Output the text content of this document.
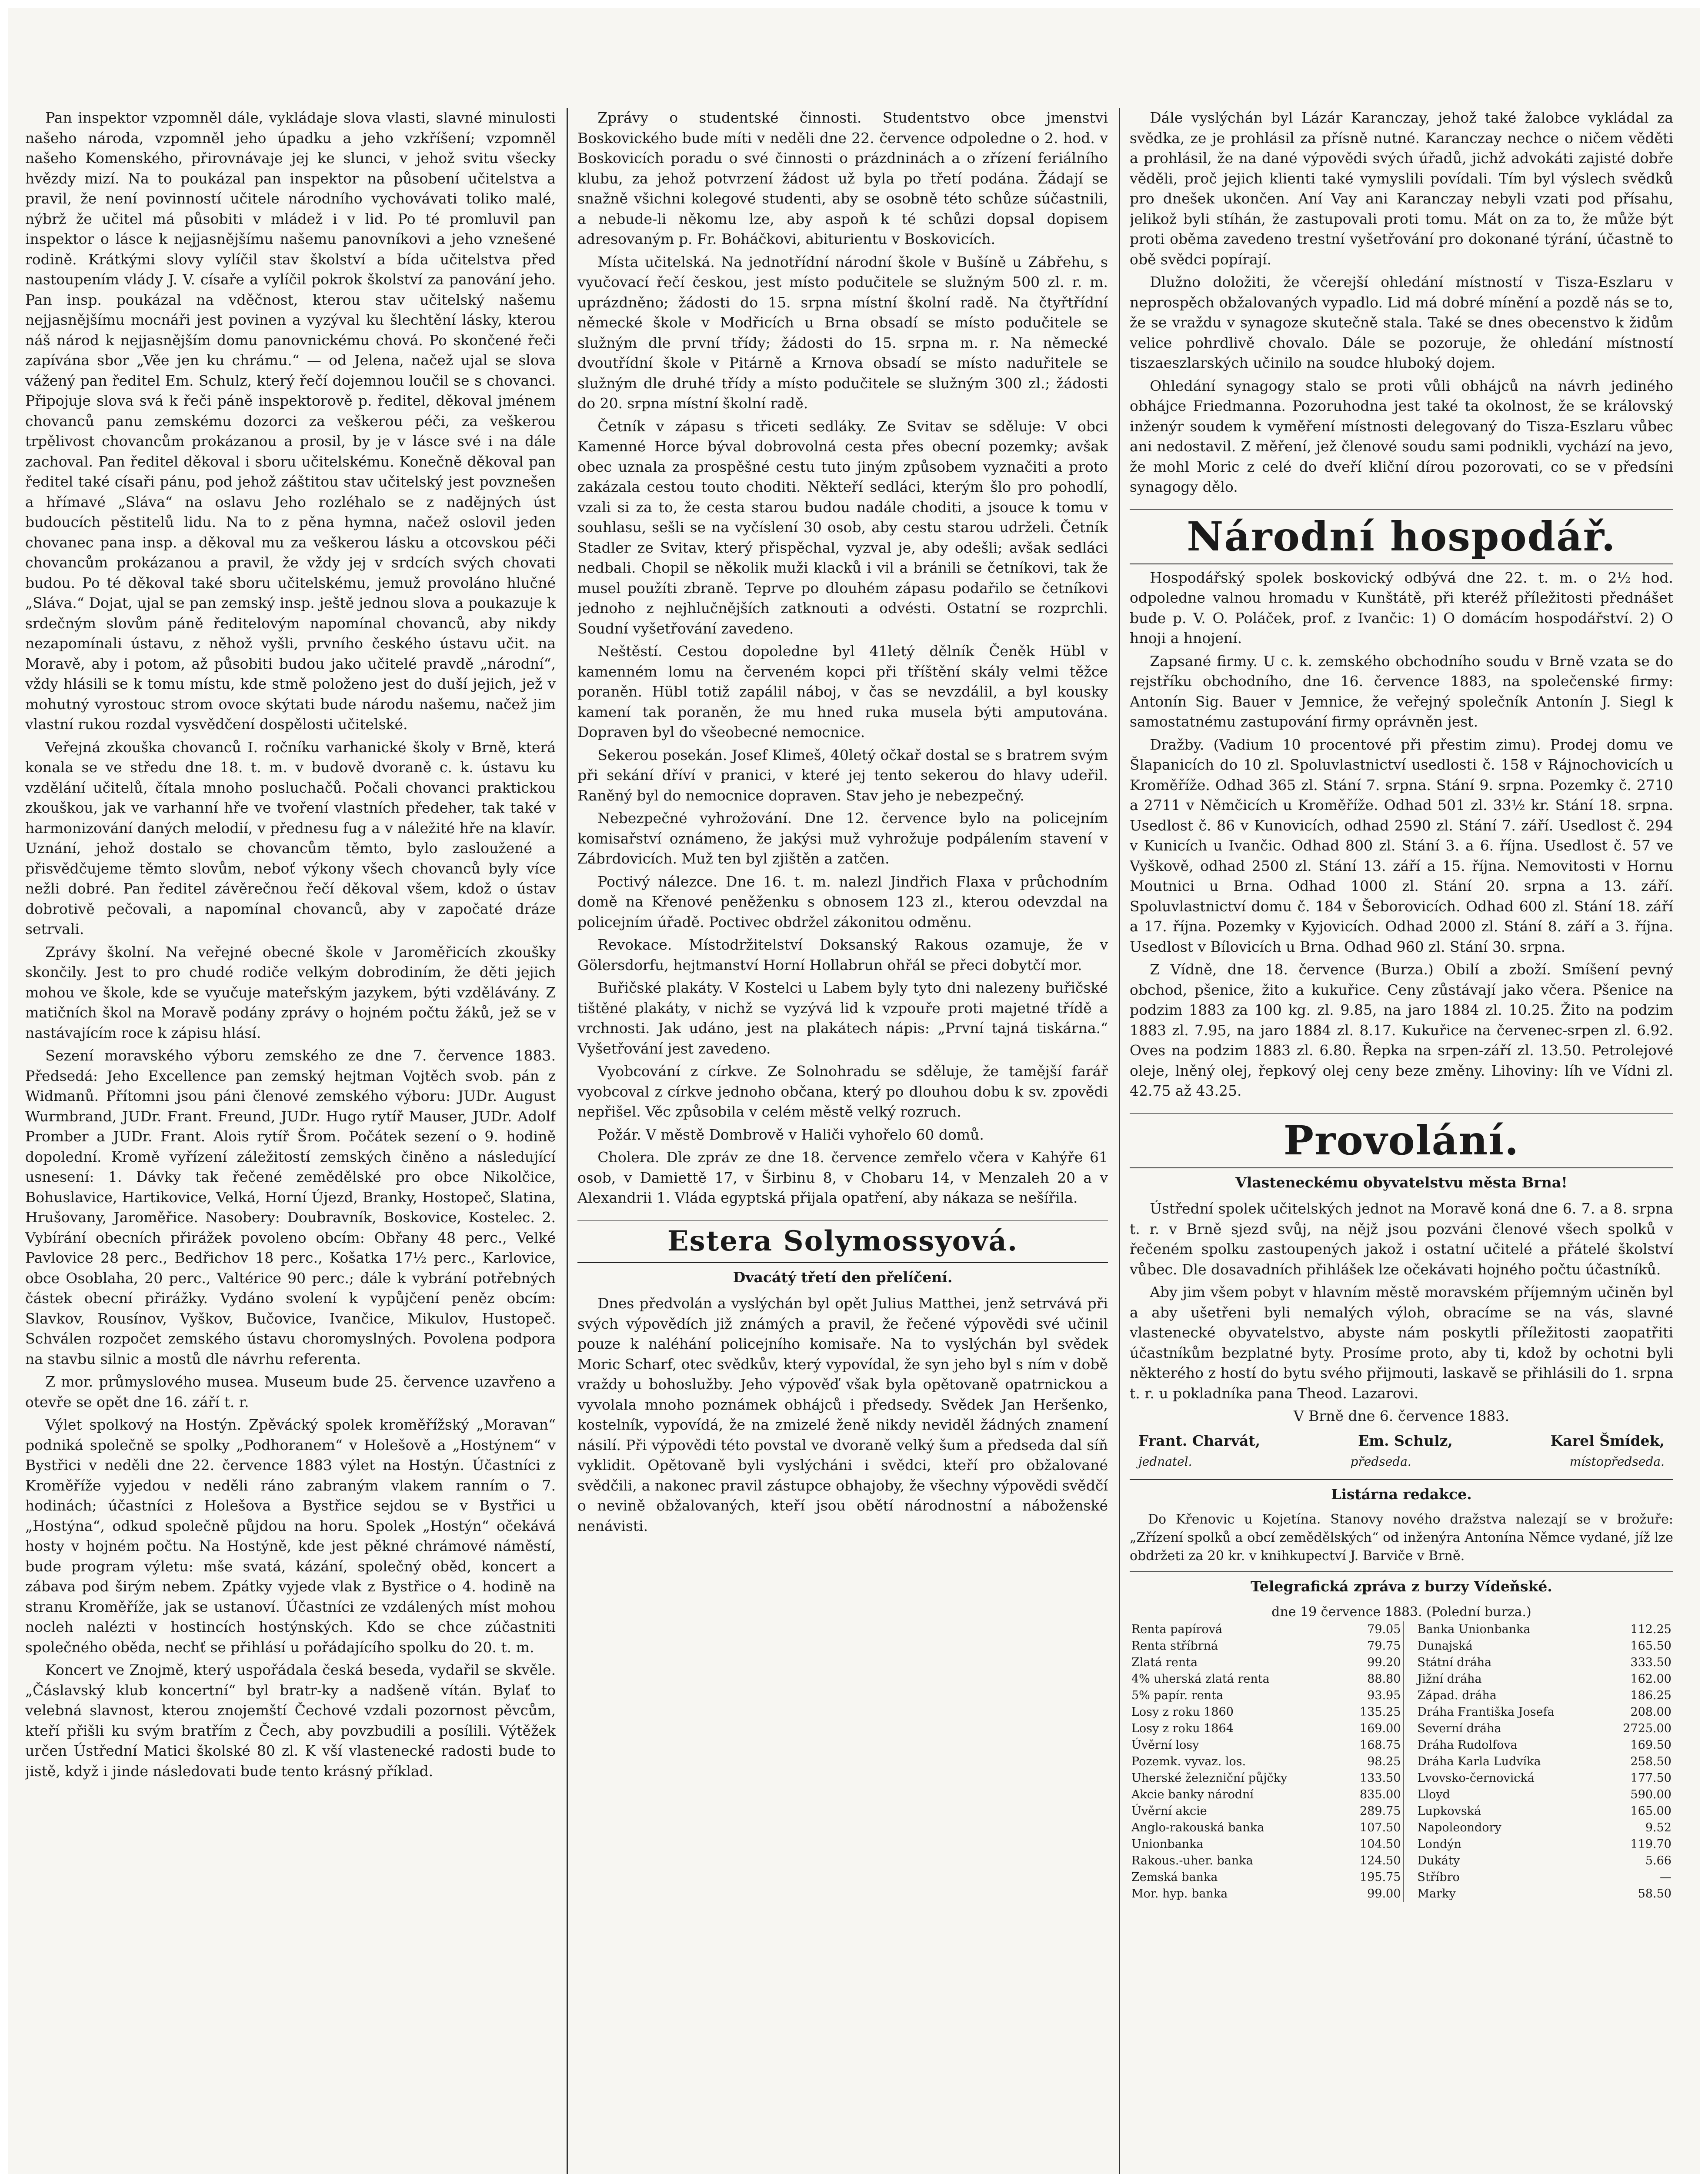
Pan inspektor vzpomněl dále, vykládaje slova vlasti, slavné minulosti našeho národa, vzpomněl jeho úpadku a jeho vzkříšení; vzpomněl našeho Komenského, přirovnávaje jej ke slunci, v jehož svitu všecky hvězdy mizí. Na to poukázal pan inspektor na působení učitelstva a pravil, že není povinností učitele národního vychovávati toliko malé, nýbrž že učitel má působiti v mládež i v lid. Po té promluvil pan inspektor o lásce k nejjasnějšímu našemu panovníkovi a jeho vznešené rodině. Krátkými slovy vylíčil stav školství a bída učitelstva před nastoupením vlády J. V. císaře a vylíčil pokrok školství za panování jeho. Pan insp. poukázal na vděčnost, kterou stav učitelský našemu nejjasnějšímu mocnáři jest povinen a vyzýval ku šlechtění lásky, kterou náš národ k nejjasnějším domu panovnickému chová. Po skončené řeči zapívána sbor „Věe jen ku chrámu.“ — od Jelena, načež ujal se slova vážený pan ředitel Em. Schulz, který řečí dojemnou loučil se s chovanci. Připojuje slova svá k řeči páně inspektorově p. ředitel, děkoval jménem chovanců panu zemskému dozorci za veškerou péči, za veškerou trpělivost chovancům prokázanou a prosil, by je v lásce své i na dále zachoval. Pan ředitel děkoval i sboru učitelskému. Konečně děkoval pan ředitel také císaři pánu, pod jehož záštitou stav učitelský jest povznešen a hřímavé „Sláva“ na oslavu Jeho rozléhalo se z nadějných úst budoucích pěstitelů lidu. Na to z pěna hymna, načež oslovil jeden chovanec pana insp. a děkoval mu za veškerou lásku a otcovskou péči chovancům prokázanou a pravil, že vždy jej v srdcích svých chovati budou. Po té děkoval také sboru učitelskému, jemuž provoláno hlučné „Sláva.“ Dojat, ujal se pan zemský insp. ještě jednou slova a poukazuje k srdečným slovům páně ředitelovým napomínal chovanců, aby nikdy nezapomínali ústavu, z něhož vyšli, prvního českého ústavu učit. na Moravě, aby i potom, až působiti budou jako učitelé pravdě „národní“, vždy hlásili se k tomu místu, kde stmě položeno jest do duší jejich, jež v mohutný vyrostouc strom ovoce skýtati bude národu našemu, načež jim vlastní rukou rozdal vysvědčení dospělosti učitelské.

Veřejná zkouška chovanců I. ročníku varhanické školy v Brně, která konala se ve středu dne 18. t. m. v budově dvoraně c. k. ústavu ku vzdělání učitelů, čítala mnoho posluchačů. Počali chovanci praktickou zkouškou, jak ve varhanní hře ve tvoření vlastních předeher, tak také v harmonizování daných melodií, v přednesu fug a v náležité hře na klavír. Uznání, jehož dostalo se chovancům těmto, bylo zasloužené a přisvědčujeme těmto slovům, neboť výkony všech chovanců byly více nežli dobré. Pan ředitel závěrečnou řečí děkoval všem, kdož o ústav dobrotivě pečovali, a napomínal chovanců, aby v započaté dráze setrvali.

Zprávy školní. Na veřejné obecné škole v Jaroměřicích zkoušky skončily. Jest to pro chudé rodiče velkým dobrodiním, že děti jejich mohou ve škole, kde se vyučuje mateřským jazykem, býti vzdělávány. Z matičních škol na Moravě podány zprávy o hojném počtu žáků, jež se v nastávajícím roce k zápisu hlásí.

Sezení moravského výboru zemského ze dne 7. července 1883. Předsedá: Jeho Excellence pan zemský hejtman Vojtěch svob. pán z Widmanů. Přítomni jsou páni členové zemského výboru: JUDr. August Wurmbrand, JUDr. Frant. Freund, JUDr. Hugo rytíř Mauser, JUDr. Adolf Promber a JUDr. Frant. Alois rytíř Šrom. Počátek sezení o 9. hodině dopolední. Kromě vyřízení záležitostí zemských činěno a následující usnesení: 1. Dávky tak řečené zemědělské pro obce Nikolčice, Bohuslavice, Hartikovice, Velká, Horní Újezd, Branky, Hostopeč, Slatina, Hrušovany, Jaroměřice. Nasobery: Doubravník, Boskovice, Kostelec. 2. Vybírání obecních přirážek povoleno obcím: Obřany 48 perc., Velké Pavlovice 28 perc., Bedřichov 18 perc., Košatka 17½ perc., Karlovice, obce Osoblaha, 20 perc., Valtérice 90 perc.; dále k vybrání potřebných částek obecní přirážky. Vydáno svolení k vypůjčení peněz obcím: Slavkov, Rousínov, Vyškov, Bučovice, Ivančice, Mikulov, Hustopeč. Schválen rozpočet zemského ústavu choromyslných. Povolena podpora na stavbu silnic a mostů dle návrhu referenta.

Z mor. průmyslového musea. Museum bude 25. července uzavřeno a otevře se opět dne 16. září t. r.

Výlet spolkový na Hostýn. Zpěvácký spolek kroměřížský „Moravan“ podniká společně se spolky „Podhoranem“ v Holešově a „Hostýnem“ v Bystřici v neděli dne 22. července 1883 výlet na Hostýn. Účastníci z Kroměříže vyjedou v neděli ráno zabraným vlakem ranním o 7. hodinách; účastníci z Holešova a Bystřice sejdou se v Bystřici u „Hostýna“, odkud společně půjdou na horu. Spolek „Hostýn“ očekává hosty v hojném počtu. Na Hostýně, kde jest pěkné chrámové náměstí, bude program výletu: mše svatá, kázání, společný oběd, koncert a zábava pod širým nebem. Zpátky vyjede vlak z Bystřice o 4. hodině na stranu Kroměříže, jak se ustanoví. Účastníci ze vzdálených míst mohou nocleh nalézti v hostincích hostýnských. Kdo se chce zúčastniti společného oběda, nechť se přihlásí u pořádajícího spolku do 20. t. m.

Koncert ve Znojmě, který uspořádala česká beseda, vydařil se skvěle. „Čáslavský klub koncertní“ byl bratr-ky a nadšeně vítán. Bylať to velebná slavnost, kterou znojemští Čechové vzdali pozornost pěvcům, kteří přišli ku svým bratřím z Čech, aby povzbudili a posílili. Výtěžek určen Ústřední Matici školské 80 zl. K vší vlastenecké radosti bude to jistě, když i jinde následovati bude tento krásný příklad.

Zprávy o studentské činnosti. Studentstvo obce jmenstvi Boskovického bude míti v neděli dne 22. července odpoledne o 2. hod. v Boskovicích poradu o své činnosti o prázdninách a o zřízení feriálního klubu, za jehož potvrzení žádost už byla po třetí podána. Žádají se snažně všichni kolegové studenti, aby se osobně této schůze súčastnili, a nebude-li někomu lze, aby aspoň k té schůzi dopsal dopisem adresovaným p. Fr. Boháčkovi, abiturientu v Boskovicích.

Místa učitelská. Na jednotřídní národní škole v Bušíně u Zábřehu, s vyučovací řečí českou, jest místo podučitele se služným 500 zl. r. m. uprázdněno; žádosti do 15. srpna místní školní radě. Na čtyřtřídní německé škole v Modřicích u Brna obsadí se místo podučitele se služným dle první třídy; žádosti do 15. srpna m. r. Na německé dvoutřídní škole v Pitárně a Krnova obsadí se místo naduřitele se služným dle druhé třídy a místo podučitele se služným 300 zl.; žádosti do 20. srpna místní školní radě.

Četník v zápasu s třiceti sedláky. Ze Svitav se sděluje: V obci Kamenné Horce býval dobrovolná cesta přes obecní pozemky; avšak obec uznala za prospěšné cestu tuto jiným způsobem vyznačiti a proto zakázala cestou touto choditi. Někteří sedláci, kterým šlo pro pohodlí, vzali si za to, že cesta starou budou nadále choditi, a jsouce k tomu v souhlasu, sešli se na vyčíslení 30 osob, aby cestu starou udrželi. Četník Stadler ze Svitav, který přispěchal, vyzval je, aby odešli; avšak sedláci nedbali. Chopil se několik muži klacků i vil a bránili se četníkovi, tak že musel použíti zbraně. Teprve po dlouhém zápasu podařilo se četníkovi jednoho z nejhlučnějších zatknouti a odvésti. Ostatní se rozprchli. Soudní vyšetřování zavedeno.

Neštěstí. Cestou dopoledne byl 41letý dělník Čeněk Hübl v kamenném lomu na červeném kopci při tříštění skály velmi těžce poraněn. Hübl totiž zapálil náboj, v čas se nevzdálil, a byl kousky kamení tak poraněn, že mu hned ruka musela býti amputována. Dopraven byl do všeobecné nemocnice.

Sekerou posekán. Josef Klimeš, 40letý očkař dostal se s bratrem svým při sekání dříví v pranici, v které jej tento sekerou do hlavy udeřil. Raněný byl do nemocnice dopraven. Stav jeho je nebezpečný.

Nebezpečné vyhrožování. Dne 12. července bylo na policejním komisařství oznámeno, že jakýsi muž vyhrožuje podpálením stavení v Zábrdovicích. Muž ten byl zjištěn a zatčen.

Poctivý nálezce. Dne 16. t. m. nalezl Jindřich Flaxa v průchodním domě na Křenové peněženku s obnosem 123 zl., kterou odevzdal na policejním úřadě. Poctivec obdržel zákonitou odměnu.

Revokace. Místodržitelství Doksanský Rakous ozamuje, že v Gölersdorfu, hejtmanství Horní Hollabrun ohřál se přeci dobytčí mor.

Buřičské plakáty. V Kostelci u Labem byly tyto dni nalezeny buřičské tištěné plakáty, v nichž se vyzývá lid k vzpouře proti majetné třídě a vrchnosti. Jak udáno, jest na plakátech nápis: „První tajná tiskárna.“ Vyšetřování jest zavedeno.

Vyobcování z církve. Ze Solnohradu se sděluje, že tamější farář vyobcoval z církve jednoho občana, který po dlouhou dobu k sv. zpovědi nepřišel. Věc způsobila v celém městě velký rozruch.

Požár. V městě Dombrově v Haliči vyhořelo 60 domů.

Cholera. Dle zpráv ze dne 18. července zemřelo včera v Kahýře 61 osob, v Damiettě 17, v Širbinu 8, v Chobaru 14, v Menzaleh 20 a v Alexandrii 1. Vláda egyptská přijala opatření, aby nákaza se nešířila.

Estera Solymossyová.
Dvacátý třetí den přelíčení.

Dnes předvolán a vyslýchán byl opět Julius Matthei, jenž setrvává při svých výpovědích již známých a pravil, že řečené výpovědi své učinil pouze k naléhání policejního komisaře. Na to vyslýchán byl svědek Moric Scharf, otec svědkův, který vypovídal, že syn jeho byl s ním v době vraždy u bohoslužby. Jeho výpověď však byla opětovaně opatrnickou a vyvolala mnoho poznámek obhájců i předsedy. Svědek Jan Heršenko, kostelník, vypovídá, že na zmizelé ženě nikdy neviděl žádných znamení násilí. Při výpovědi této povstal ve dvoraně velký šum a předseda dal síň vyklidit. Opětovaně byli vyslýcháni i svědci, kteří pro obžalované svědčili, a nakonec pravil zástupce obhajoby, že všechny výpovědi svědčí o nevině obžalovaných, kteří jsou obětí národnostní a náboženské nenávisti.

Dále vyslýchán byl Lázár Karanczay, jehož také žalobce vykládal za svědka, ze je prohlásil za přísně nutné. Karanczay nechce o ničem věděti a prohlásil, že na dané výpovědi svých úřadů, jichž advokáti zajisté dobře věděli, proč jejich klienti také vymyslili povídali. Tím byl výslech svědků pro dnešek ukončen. Aní Vay ani Karanczay nebyli vzati pod přísahu, jelikož byli stíhán, že zastupovali proti tomu. Mát on za to, že může být proti oběma zavedeno trestní vyšetřování pro dokonané týrání, účastně to obě svědci popírají.

Dlužno doložiti, že včerejší ohledání místností v Tisza-Eszlaru v neprospěch obžalovaných vypadlo. Lid má dobré mínění a pozdě nás se to, že se vraždu v synagoze skutečně stala. Také se dnes obecenstvo k židům velice pohrdlivě chovalo. Dále se pozoruje, že ohledání místností tiszaeszlarských učinilo na soudce hluboký dojem.

Ohledání synagogy stalo se proti vůli obhájců na návrh jediného obhájce Friedmanna. Pozoruhodna jest také ta okolnost, že se královský inženýr soudem k vyměření místnosti delegovaný do Tisza-Eszlaru vůbec ani nedostavil. Z měření, jež členové soudu sami podnikli, vychází na jevo, že mohl Moric z celé do dveří kliční dírou pozorovati, co se v předsíni synagogy dělo.

Národní hospodář.

Hospodářský spolek boskovický odbývá dne 22. t. m. o 2½ hod. odpoledne valnou hromadu v Kunštátě, při kteréž příležitosti přednášet bude p. V. O. Poláček, prof. z Ivančic: 1) O domácím hospodářství. 2) O hnoji a hnojení.

Zapsané firmy. U c. k. zemského obchodního soudu v Brně vzata se do rejstříku obchodního, dne 16. července 1883, na společenské firmy: Antonín Sig. Bauer v Jemnice, že veřejný společník Antonín J. Siegl k samostatnému zastupování firmy oprávněn jest.

Dražby. (Vadium 10 procentové při přestim zimu). Prodej domu ve Šlapanicích do 10 zl. Spoluvlastnictví usedlosti č. 158 v Rájnochovicích u Kroměříže. Odhad 365 zl. Stání 7. srpna. Stání 9. srpna. Pozemky č. 2710 a 2711 v Němčicích u Kroměříže. Odhad 501 zl. 33½ kr. Stání 18. srpna. Usedlost č. 86 v Kunovicích, odhad 2590 zl. Stání 7. září. Usedlost č. 294 v Kunicích u Ivančic. Odhad 800 zl. Stání 3. a 6. října. Usedlost č. 57 ve Vyškově, odhad 2500 zl. Stání 13. září a 15. října. Nemovitosti v Hornu Moutnici u Brna. Odhad 1000 zl. Stání 20. srpna a 13. září. Spoluvlastnictví domu č. 184 v Šeborovicích. Odhad 600 zl. Stání 18. září a 17. října. Pozemky v Kyjovicích. Odhad 2000 zl. Stání 8. září a 3. října. Usedlost v Bílovicích u Brna. Odhad 960 zl. Stání 30. srpna.

Z Vídně, dne 18. července (Burza.) Obilí a zboží. Smíšení pevný obchod, pšenice, žito a kukuřice. Ceny zůstávají jako včera. Pšenice na podzim 1883 za 100 kg. zl. 9.85, na jaro 1884 zl. 10.25. Žito na podzim 1883 zl. 7.95, na jaro 1884 zl. 8.17. Kukuřice na červenec-srpen zl. 6.92. Oves na podzim 1883 zl. 6.80. Řepka na srpen-září zl. 13.50. Petrolejové oleje, lněný olej, řepkový olej ceny beze změny. Lihoviny: líh ve Vídni zl. 42.75 až 43.25.

Provolání.
Vlasteneckému obyvatelstvu města Brna!

Ústřední spolek učitelských jednot na Moravě koná dne 6. 7. a 8. srpna t. r. v Brně sjezd svůj, na nějž jsou pozváni členové všech spolků v řečeném spolku zastoupených jakož i ostatní učitelé a přátelé školství vůbec. Dle dosavadních přihlášek lze očekávati hojného počtu účastníků.

Aby jim všem pobyt v hlavním městě moravském příjemným učiněn byl a aby ušetřeni byli nemalých výloh, obracíme se na vás, slavné vlastenecké obyvatelstvo, abyste nám poskytli příležitosti zaopatřiti účastníkům bezplatné byty. Prosíme proto, aby ti, kdož by ochotni byli některého z hostí do bytu svého přijmouti, laskavě se přihlásili do 1. srpna t. r. u pokladníka pana Theod. Lazarovi.

V Brně dne 6. července 1883.
Frant. Charvát,	Em. Schulz,	Karel Šmídek,
jednatel.	předseda.	místopředseda.
Listárna redakce.

Do Křenovic u Kojetína. Stanovy nového dražstva nalezají se v brožuře: „Zřízení spolků a obcí zemědělských“ od inženýra Antonína Němce vydané, jíž lze obdržeti za 20 kr. v knihkupectví J. Barviče v Brně.

Telegrafická zpráva z burzy Vídeňské.
dne 19 července 1883. (Polední burza.)
Renta papírová	79.05		Banka Unionbanka	112.25
Renta stříbrná	79.75		Dunajská	165.50
Zlatá renta	99.20		Státní dráha	333.50
4% uherská zlatá renta	88.80		Jižní dráha	162.00
5% papír. renta	93.95		Západ. dráha	186.25
Losy z roku 1860	135.25		Dráha Františka Josefa	208.00
Losy z roku 1864	169.00		Severní dráha	2725.00
Úvěrní losy	168.75		Dráha Rudolfova	169.50
Pozemk. vyvaz. los.	98.25		Dráha Karla Ludvíka	258.50
Uherské železniční půjčky	133.50		Lvovsko-černovická	177.50
Akcie banky národní	835.00		Lloyd	590.00
Úvěrní akcie	289.75		Lupkovská	165.00
Anglo-rakouská banka	107.50		Napoleondory	9.52
Unionbanka	104.50		Londýn	119.70
Rakous.-uher. banka	124.50		Dukáty	5.66
Zemská banka	195.75		Stříbro	—
Mor. hyp. banka	99.00		Marky	58.50
